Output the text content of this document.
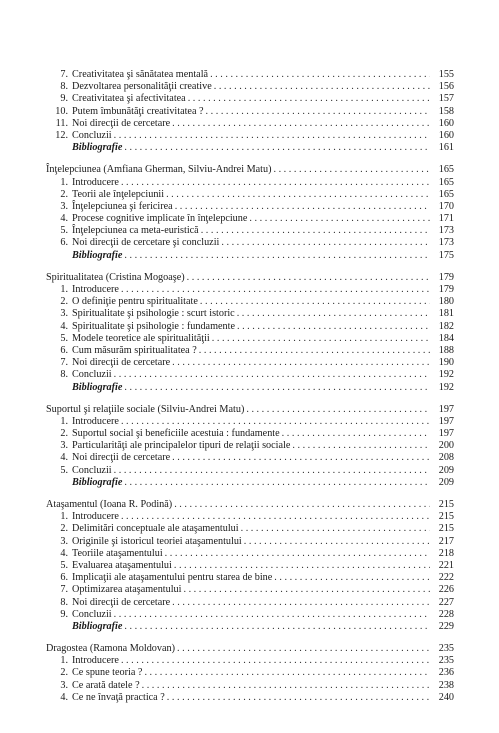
7. Creativitatea şi sănătatea mentală . . .	155
8. Dezvoltarea personalităţii creative . . .	156
9. Creativitatea şi afectivitatea . . .	157
10. Putem îmbunătăţi creativitatea ? . . .	158
11. Noi direcţii de cercetare . . .	160
12. Concluzii . . .	160
Bibliografie . . .	161
Înţelepciunea (Amfiana Gherman, Silviu-Andrei Matu) . . .	165
1. Introducere . . .	165
2. Teorii ale înţelepciunii . . .	165
3. Înţelepciunea şi fericirea . . .	170
4. Procese cognitive implicate în înţelepciune . . .	171
5. Înţelepciunea ca meta-euristică . . .	173
6. Noi direcţii de cercetare şi concluzii . . .	173
Bibliografie . . .	175
Spiritualitatea (Cristina Mogoaşe) . . .	179
1. Introducere . . .	179
2. O definiţie pentru spiritualitate . . .	180
3. Spiritualitate şi psihologie : scurt istoric . . .	181
4. Spiritualitate şi psihologie : fundamente . . .	182
5. Modele teoretice ale spiritualităţii . . .	184
6. Cum măsurăm spiritualitatea ? . . .	188
7. Noi direcţii de cercetare . . .	190
8. Concluzii . . .	192
Bibliografie . . .	192
Suportul şi relaţiile sociale (Silviu-Andrei Matu) . . .	197
1. Introducere . . .	197
2. Suportul social şi beneficiile acestuia : fundamente . . .	197
3. Particularităţi ale principalelor tipuri de relaţii sociale . . .	200
4. Noi direcţii de cercetare . . .	208
5. Concluzii . . .	209
Bibliografie . . .	209
Ataşamentul (Ioana R. Podină) . . .	215
1. Introducere . . .	215
2. Delimitări conceptuale ale ataşamentului . . .	215
3. Originile şi istoricul teoriei ataşamentului . . .	217
4. Teoriile ataşamentului . . .	218
5. Evaluarea ataşamentului . . .	221
6. Implicaţii ale ataşamentului pentru starea de bine . . .	222
7. Optimizarea ataşamentului . . .	226
8. Noi direcţii de cercetare . . .	227
9. Concluzii . . .	228
Bibliografie . . .	229
Dragostea (Ramona Moldovan) . . .	235
1. Introducere . . .	235
2. Ce spune teoria ? . . .	236
3. Ce arată datele ? . . .	238
4. Ce ne învaţă practica ? . . .	240
